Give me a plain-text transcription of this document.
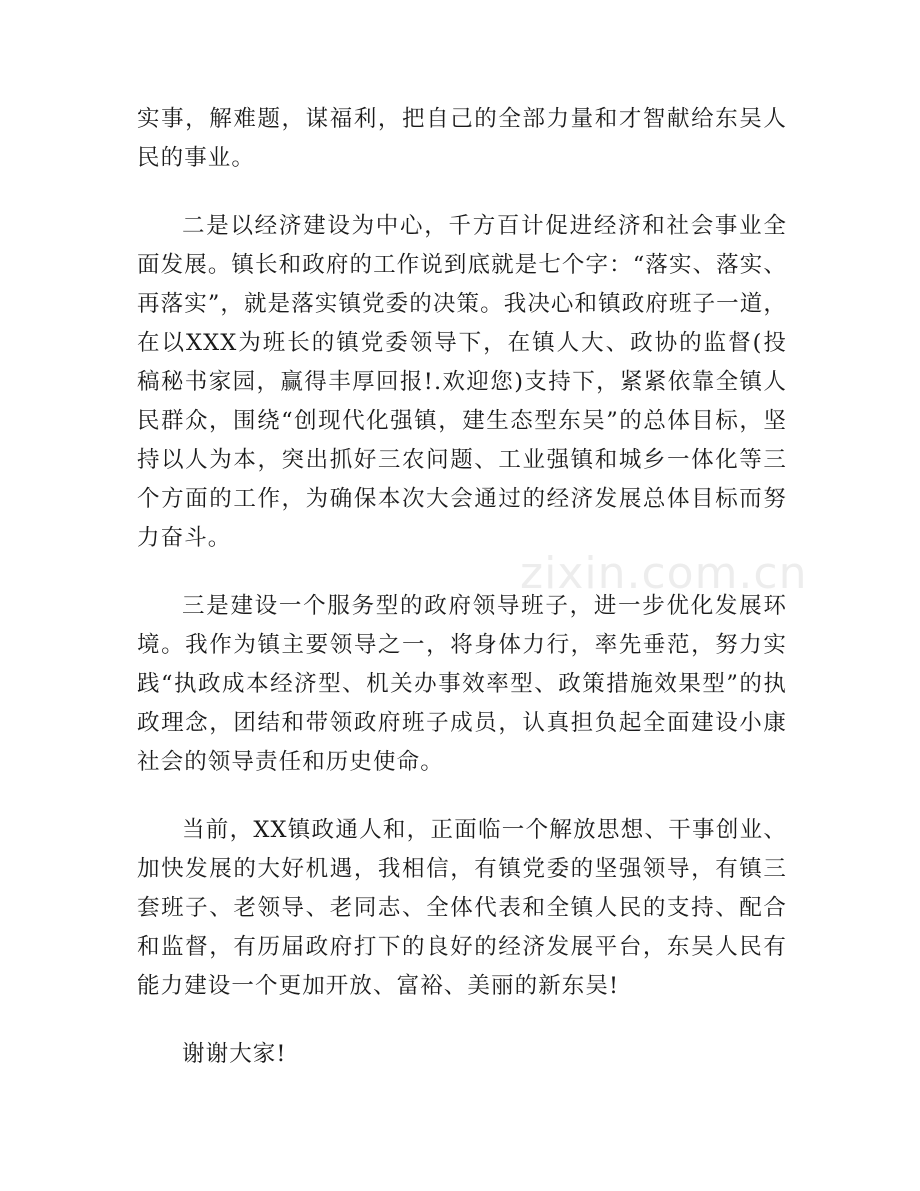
实事，解难题，谋福利，把自己的全部力量和才智献给东吴人民的事业。

二是以经济建设为中心，千方百计促进经济和社会事业全面发展。镇长和政府的工作说到底就是七个字：“落实、落实、再落实”，就是落实镇党委的决策。我决心和镇政府班子一道，在以XXX为班长的镇党委领导下，在镇人大、政协的监督(投稿秘书家园，赢得丰厚回报!.欢迎您)支持下，紧紧依靠全镇人民群众，围绕“创现代化强镇，建生态型东吴”的总体目标，坚持以人为本，突出抓好三农问题、工业强镇和城乡一体化等三个方面的工作，为确保本次大会通过的经济发展总体目标而努力奋斗。

三是建设一个服务型的政府领导班子，进一步优化发展环境。我作为镇主要领导之一，将身体力行，率先垂范，努力实践“执政成本经济型、机关办事效率型、政策措施效果型”的执政理念，团结和带领政府班子成员，认真担负起全面建设小康社会的领导责任和历史使命。

当前，XX镇政通人和，正面临一个解放思想、干事创业、加快发展的大好机遇，我相信，有镇党委的坚强领导，有镇三套班子、老领导、老同志、全体代表和全镇人民的支持、配合和监督，有历届政府打下的良好的经济发展平台，东吴人民有能力建设一个更加开放、富裕、美丽的新东吴!

谢谢大家!

zixin.com.cn
